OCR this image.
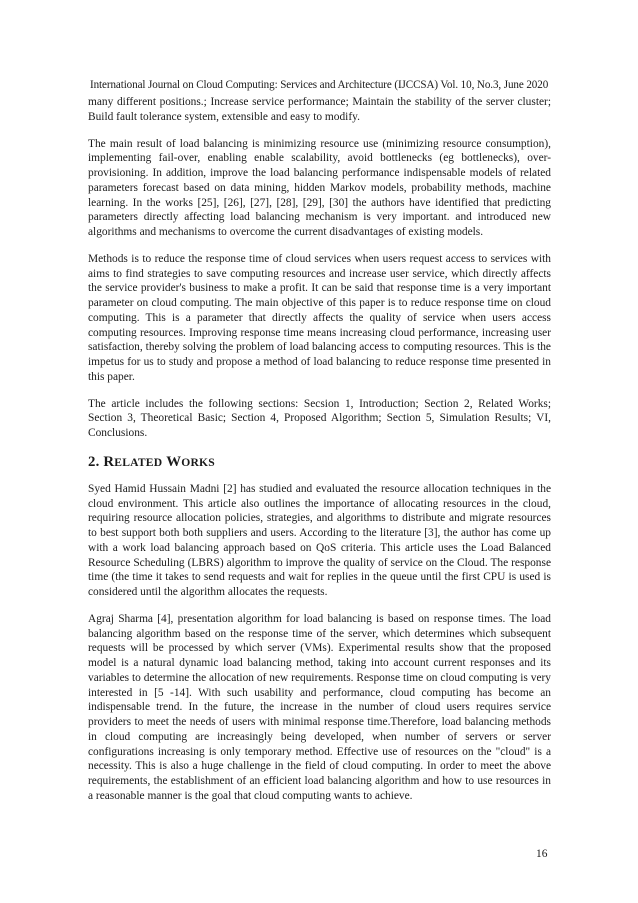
International Journal on Cloud Computing: Services and Architecture (IJCCSA) Vol. 10, No.3, June 2020

many different positions.; Increase service performance; Maintain the stability of the server cluster; Build fault tolerance system, extensible and easy to modify.

The main result of load balancing is minimizing resource use (minimizing resource consumption), implementing fail-over, enabling enable scalability, avoid bottlenecks (eg bottlenecks), over-provisioning. In addition, improve the load balancing performance indispensable models of related parameters forecast based on data mining, hidden Markov models, probability methods, machine learning. In the works [25], [26], [27], [28], [29], [30] the authors have identified that predicting parameters directly affecting load balancing mechanism is very important. and introduced new algorithms and mechanisms to overcome the current disadvantages of existing models.

Methods is to reduce the response time of cloud services when users request access to services with aims to find strategies to save computing resources and increase user service, which directly affects the service provider's business to make a profit. It can be said that response time is a very important parameter on cloud computing. The main objective of this paper is to reduce response time on cloud computing. This is a parameter that directly affects the quality of service when users access computing resources. Improving response time means increasing cloud performance, increasing user satisfaction, thereby solving the problem of load balancing access to computing resources. This is the impetus for us to study and propose a method of load balancing to reduce response time presented in this paper.

The article includes the following sections: Secsion 1, Introduction; Section 2, Related Works; Section 3, Theoretical Basic; Section 4, Proposed Algorithm; Section 5, Simulation Results; VI, Conclusions.

2. RELATED WORKS

Syed Hamid Hussain Madni [2] has studied and evaluated the resource allocation techniques in the cloud environment. This article also outlines the importance of allocating resources in the cloud, requiring resource allocation policies, strategies, and algorithms to distribute and migrate resources to best support both both suppliers and users. According to the literature [3], the author has come up with a work load balancing approach based on QoS criteria. This article uses the Load Balanced Resource Scheduling (LBRS) algorithm to improve the quality of service on the Cloud. The response time (the time it takes to send requests and wait for replies in the queue until the first CPU is used is considered until the algorithm allocates the requests.

Agraj Sharma [4], presentation algorithm for load balancing is based on response times. The load balancing algorithm based on the response time of the server, which determines which subsequent requests will be processed by which server (VMs). Experimental results show that the proposed model is a natural dynamic load balancing method, taking into account current responses and its variables to determine the allocation of new requirements. Response time on cloud computing is very interested in [5 -14]. With such usability and performance, cloud computing has become an indispensable trend. In the future, the increase in the number of cloud users requires service providers to meet the needs of users with minimal response time.Therefore, load balancing methods in cloud computing are increasingly being developed, when number of servers or server configurations increasing is only temporary method. Effective use of resources on the "cloud" is a necessity. This is also a huge challenge in the field of cloud computing. In order to meet the above requirements, the establishment of an efficient load balancing algorithm and how to use resources in a reasonable manner is the goal that cloud computing wants to achieve.

16
